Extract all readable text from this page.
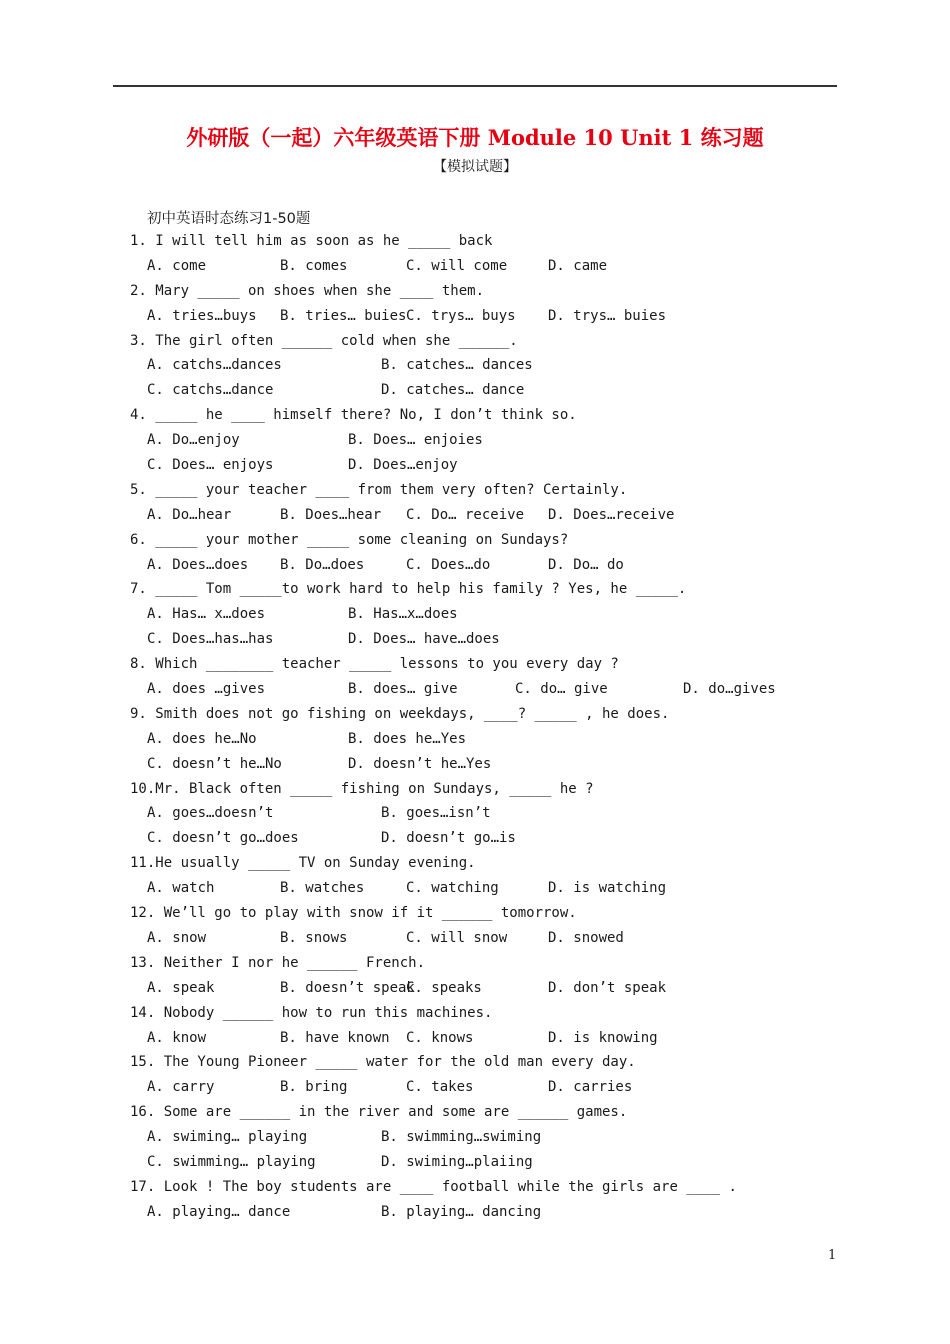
外研版（一起）六年级英语下册 Module 10 Unit 1 练习题
【模拟试题】
初中英语时态练习1-50题
1. I will tell him as soon as he _____ back
A. come	B. comes	C. will come	D. came
2. Mary _____ on shoes when she ____ them.
A. tries…buys B. tries… buies C. trys… buys D. trys… buies
3. The girl often ______ cold when she ______.
A. catchs…dances	B. catches… dances
C. catchs…dance	D. catches… dance
4. _____ he ____ himself there? No, I don’t think so.
A. Do…enjoy	B. Does… enjoies
C. Does… enjoys	D. Does…enjoy
5. _____ your teacher ____ from them very often? Certainly.
A. Do…hear	B. Does…hear C. Do… receive D. Does…receive
6. _____ your mother _____ some cleaning on Sundays?
A. Does…does B. Do…does	C. Does…do	D. Do… do
7. _____ Tom _____to work hard to help his family ? Yes, he _____.
A. Has… x…does	B. Has…x…does
C. Does…has…has	D. Does… have…does
8. Which ________ teacher _____ lessons to you every day ?
A. does …gives	B. does… give	C. do… give	D. do…gives
9. Smith does not go fishing on weekdays, ____? _____ , he does.
A. does he…No	B. does he…Yes
C. doesn’t he…No	D. doesn’t he…Yes
10.Mr. Black often _____ fishing on Sundays, _____ he ?
A. goes…doesn’t	B. goes…isn’t
C. doesn’t go…does	D. doesn’t go…is
11.He usually _____ TV on Sunday evening.
A. watch	B. watches	C. watching	D. is watching
12. We’ll go to play with snow if it ______ tomorrow.
A. snow	B. snows	C. will snow	D. snowed
13. Neither I nor he ______ French.
A. speak	B. doesn’t speak
C. speaks	D. don’t speak
14. Nobody ______ how to run this machines.
A. know	B. have known C. knows	D. is knowing
15. The Young Pioneer _____ water for the old man every day.
A. carry	B. bring	C. takes	D. carries
16. Some are ______ in the river and some are ______ games.
A. swiming… playing	B. swimming…swiming
C. swimming… playing	D. swiming…plaiing
17. Look ! The boy students are ____ football while the girls are ____ .
A. playing… dance	B. playing… dancing
1
